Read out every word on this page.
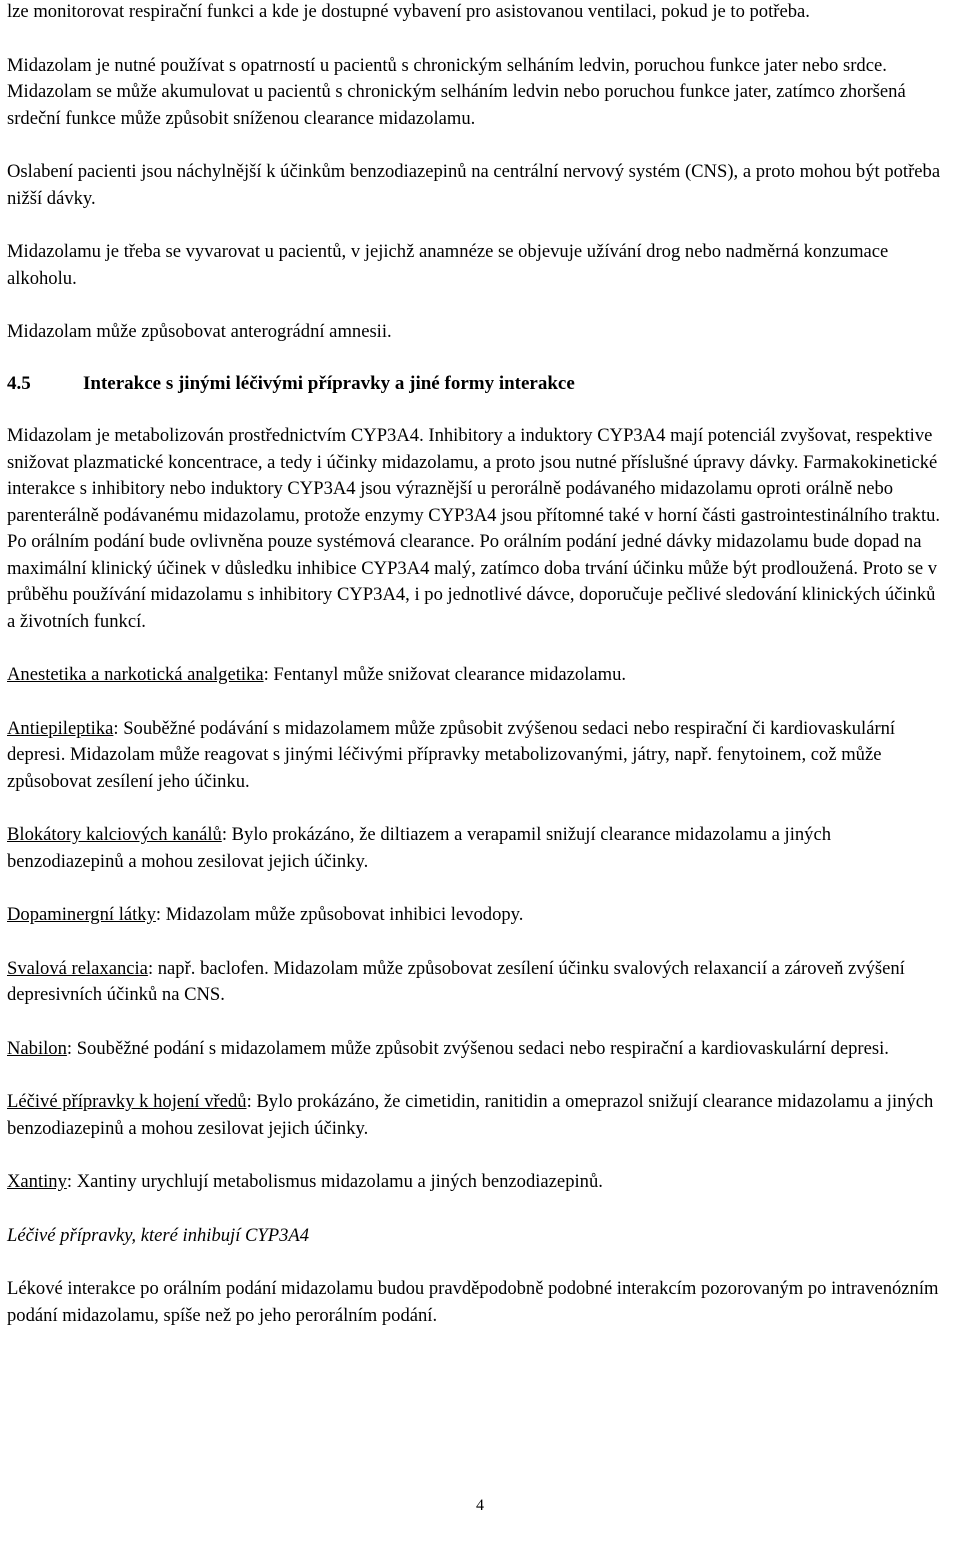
lze monitorovat respirační funkci a kde je dostupné vybavení pro asistovanou ventilaci, pokud je to potřeba.

Midazolam je nutné používat s opatrností u pacientů s chronickým selháním ledvin, poruchou funkce jater nebo srdce. Midazolam se může akumulovat u pacientů s chronickým selháním ledvin nebo poruchou funkce jater, zatímco zhoršená srdeční funkce může způsobit sníženou clearance midazolamu.

Oslabení pacienti jsou náchylnější k účinkům benzodiazepinů na centrální nervový systém (CNS), a proto mohou být potřeba nižší dávky.

Midazolamu je třeba se vyvarovat u pacientů, v jejichž anamnéze se objevuje užívání drog nebo nadměrná konzumace alkoholu.

Midazolam může způsobovat anterográdní amnesii.

4.5	Interakce s jinými léčivými přípravky a jiné formy interakce

Midazolam je metabolizován prostřednictvím CYP3A4. Inhibitory a induktory CYP3A4 mají potenciál zvyšovat, respektive snižovat plazmatické koncentrace, a tedy i účinky midazolamu, a proto jsou nutné příslušné úpravy dávky. Farmakokinetické interakce s inhibitory nebo induktory CYP3A4 jsou výraznější u perorálně podávaného midazolamu oproti orálně nebo parenterálně podávanému midazolamu, protože enzymy CYP3A4 jsou přítomné také v horní části gastrointestinálního traktu. Po orálním podání bude ovlivněna pouze systémová clearance. Po orálním podání jedné dávky midazolamu bude dopad na maximální klinický účinek v důsledku inhibice CYP3A4 malý, zatímco doba trvání účinku může být prodloužená. Proto se v průběhu používání midazolamu s inhibitory CYP3A4, i po jednotlivé dávce, doporučuje pečlivé sledování klinických účinků a životních funkcí.

Anestetika a narkotická analgetika: Fentanyl může snižovat clearance midazolamu.

Antiepileptika: Souběžné podávání s midazolamem může způsobit zvýšenou sedaci nebo respirační či kardiovaskulární depresi. Midazolam může reagovat s jinými léčivými přípravky metabolizovanými, játry, např. fenytoinem, což může způsobovat zesílení jeho účinku.

Blokátory kalciových kanálů: Bylo prokázáno, že diltiazem a verapamil snižují clearance midazolamu a jiných benzodiazepinů a mohou zesilovat jejich účinky.

Dopaminergní látky: Midazolam může způsobovat inhibici levodopy.

Svalová relaxancia: např. baclofen. Midazolam může způsobovat zesílení účinku svalových relaxancií a zároveň zvýšení depresivních účinků na CNS.

Nabilon: Souběžné podání s midazolamem může způsobit zvýšenou sedaci nebo respirační a kardiovaskulární depresi.

Léčivé přípravky k hojení vředů: Bylo prokázáno, že cimetidin, ranitidin a omeprazol snižují clearance midazolamu a jiných benzodiazepinů a mohou zesilovat jejich účinky.

Xantiny: Xantiny urychlují metabolismus midazolamu a jiných benzodiazepinů.

Léčivé přípravky, které inhibují CYP3A4

Lékové interakce po orálním podání midazolamu budou pravděpodobně podobné interakcím pozorovaným po intravenózním podání midazolamu, spíše než po jeho perorálním podání.

4
